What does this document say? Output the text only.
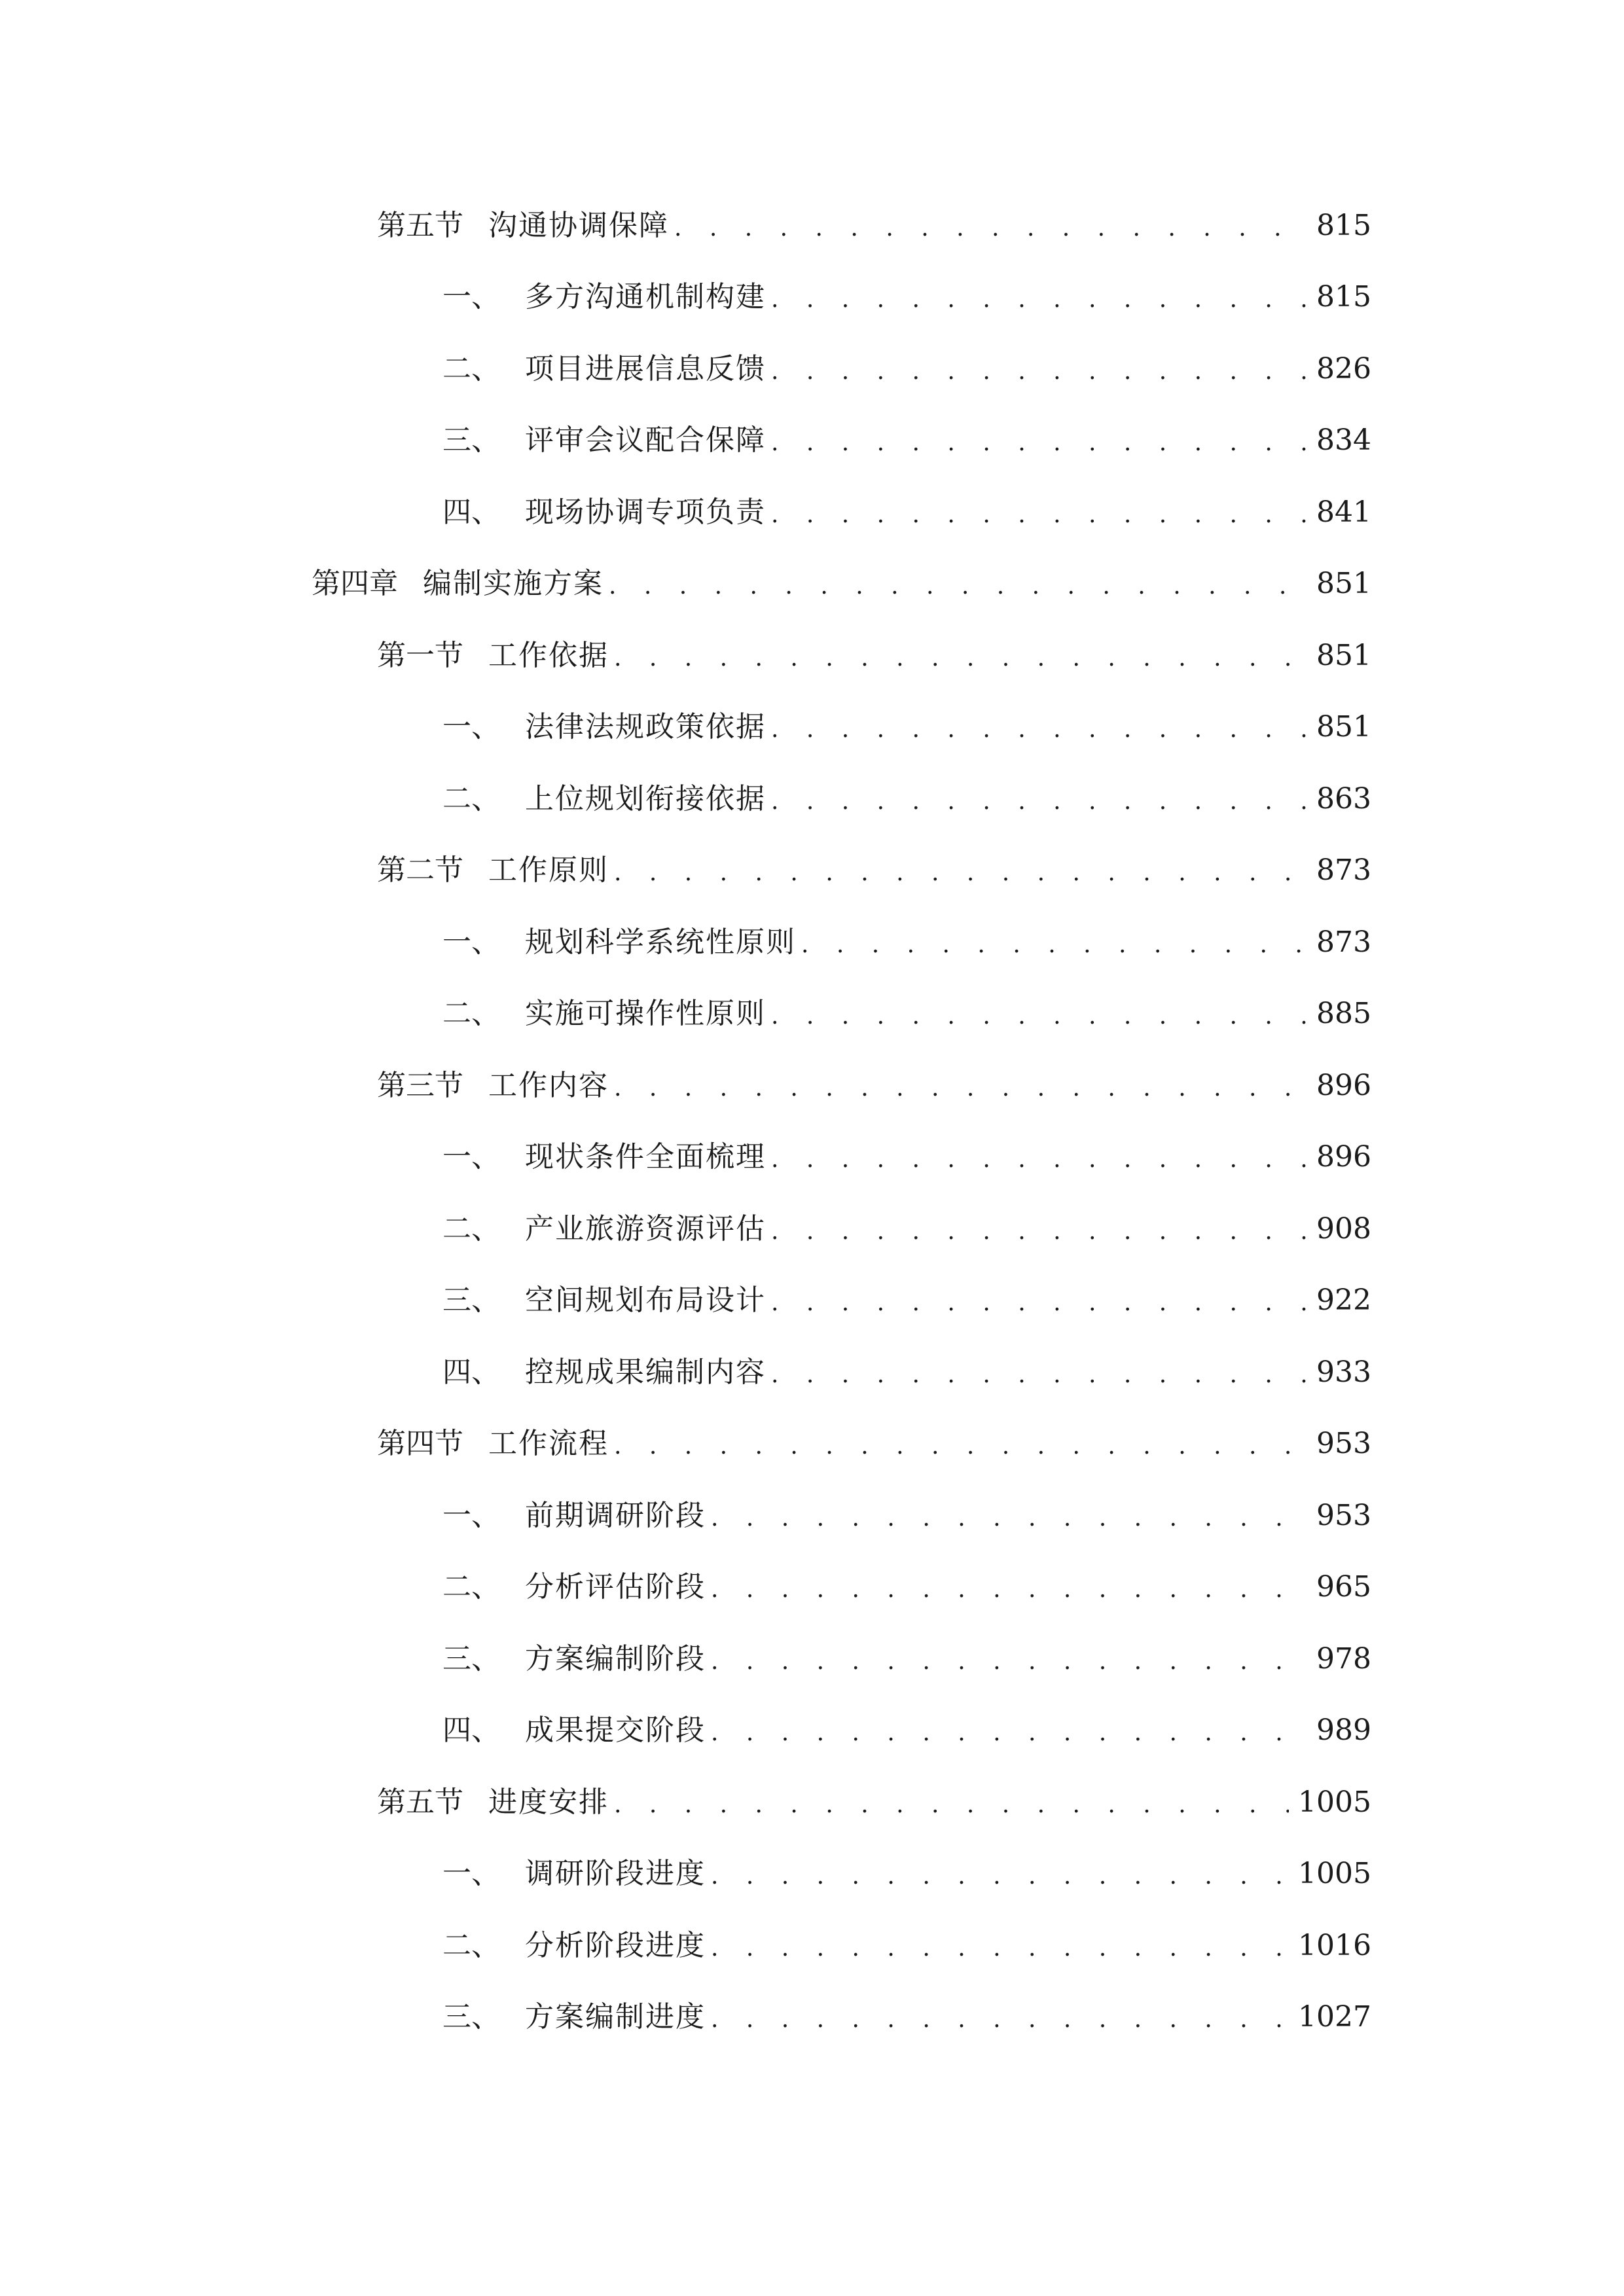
第五节 沟通协调保障 . . .	815
一、 多方沟通机制构建 . . .	815
二、 项目进展信息反馈 . . .	826
三、 评审会议配合保障 . . .	834
四、 现场协调专项负责 . . .	841
第四章 编制实施方案 . . .	851
第一节 工作依据 . . .	851
一、 法律法规政策依据 . . .	851
二、 上位规划衔接依据 . . .	863
第二节 工作原则 . . .	873
一、 规划科学系统性原则 . . .	873
二、 实施可操作性原则 . . .	885
第三节 工作内容 . . .	896
一、 现状条件全面梳理 . . .	896
二、 产业旅游资源评估 . . .	908
三、 空间规划布局设计 . . .	922
四、 控规成果编制内容 . . .	933
第四节 工作流程 . . .	953
一、 前期调研阶段 . . .	953
二、 分析评估阶段 . . .	965
三、 方案编制阶段 . . .	978
四、 成果提交阶段 . . .	989
第五节 进度安排 . . .	1005
一、 调研阶段进度 . . .	1005
二、 分析阶段进度 . . .	1016
三、 方案编制进度 . . .	1027
